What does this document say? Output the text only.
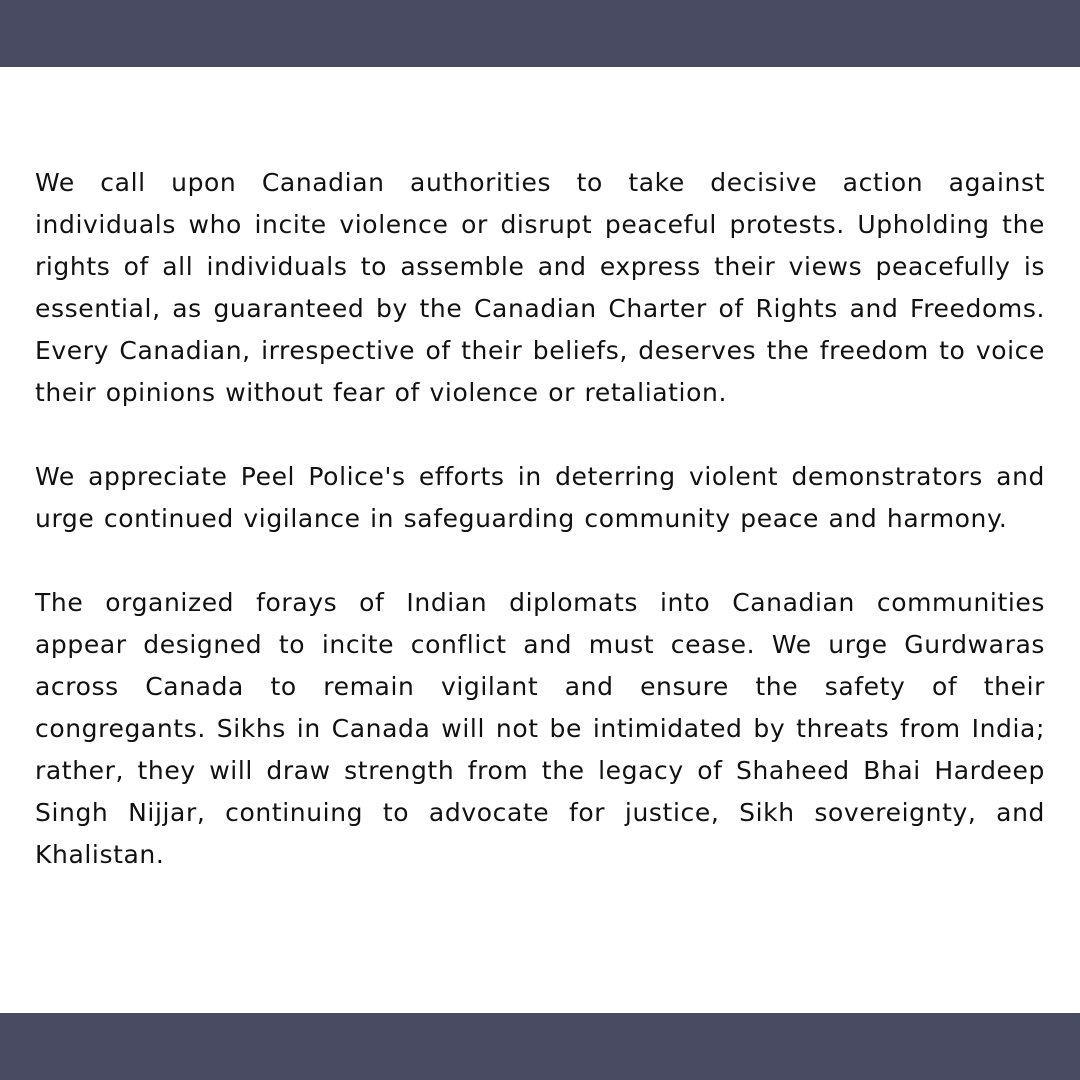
We call upon Canadian authorities to take decisive action against individuals who incite violence or disrupt peaceful protests. Upholding the rights of all individuals to assemble and express their views peacefully is essential, as guaranteed by the Canadian Charter of Rights and Freedoms. Every Canadian, irrespective of their beliefs, deserves the freedom to voice their opinions without fear of violence or retaliation.

We appreciate Peel Police's efforts in deterring violent demonstrators and urge continued vigilance in safeguarding community peace and harmony.

The organized forays of Indian diplomats into Canadian communities appear designed to incite conflict and must cease. We urge Gurdwaras across Canada to remain vigilant and ensure the safety of their congregants. Sikhs in Canada will not be intimidated by threats from India; rather, they will draw strength from the legacy of Shaheed Bhai Hardeep Singh Nijjar, continuing to advocate for justice, Sikh sovereignty, and Khalistan.
